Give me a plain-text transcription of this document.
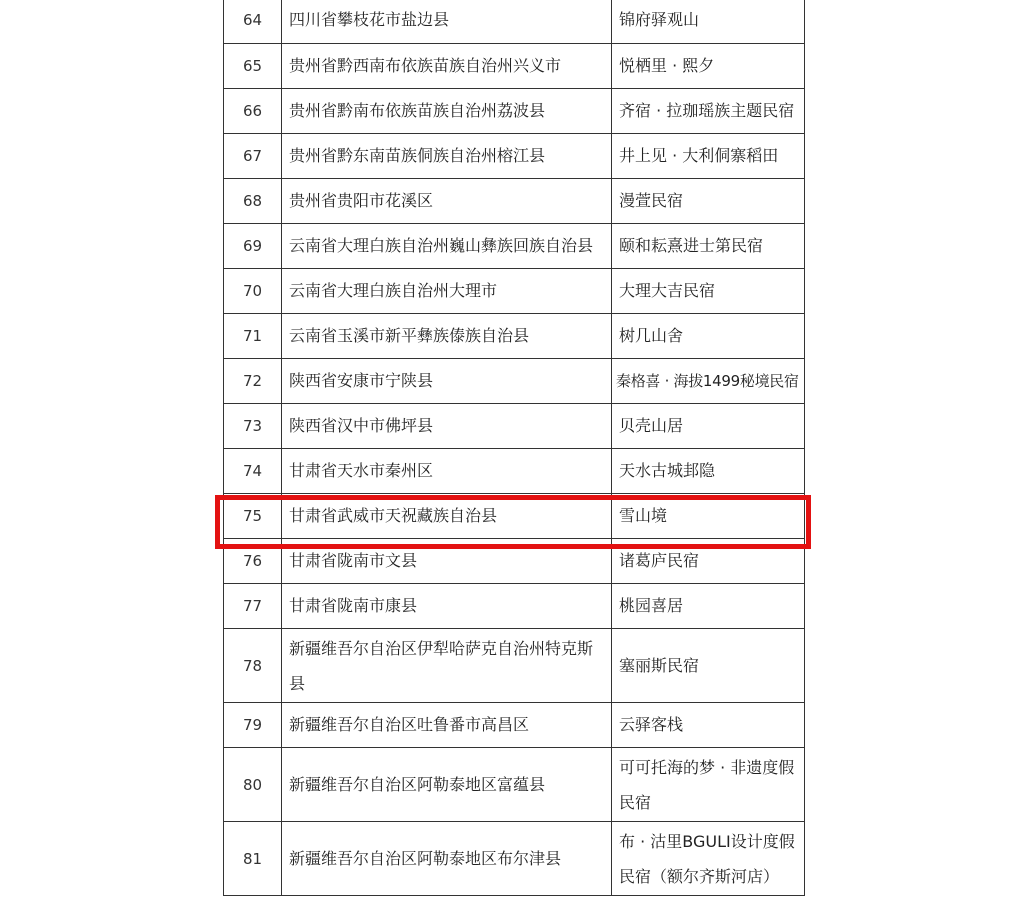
64	四川省攀枝花市盐边县	锦府驿观山
65	贵州省黔西南布依族苗族自治州兴义市	悦栖里 · 熙夕
66	贵州省黔南布依族苗族自治州荔波县	齐宿 · 拉珈瑶族主题民宿
67	贵州省黔东南苗族侗族自治州榕江县	井上见 · 大利侗寨稻田
68	贵州省贵阳市花溪区	漫萱民宿
69	云南省大理白族自治州巍山彝族回族自治县	颐和耘熹进士第民宿
70	云南省大理白族自治州大理市	大理大吉民宿
71	云南省玉溪市新平彝族傣族自治县	树几山舍
72	陕西省安康市宁陕县	秦格喜 · 海拔1499秘境民宿
73	陕西省汉中市佛坪县	贝壳山居
74	甘肃省天水市秦州区	天水古城邽隐
75	甘肃省武威市天祝藏族自治县	雪山境
76	甘肃省陇南市文县	诸葛庐民宿
77	甘肃省陇南市康县	桃园喜居
78	新疆维吾尔自治区伊犁哈萨克自治州特克斯县	塞丽斯民宿
79	新疆维吾尔自治区吐鲁番市高昌区	云驿客栈
80	新疆维吾尔自治区阿勒泰地区富蕴县	可可托海的梦 · 非遗度假民宿
81	新疆维吾尔自治区阿勒泰地区布尔津县	布 · 沽里BGULI设计度假民宿（额尔齐斯河店）
